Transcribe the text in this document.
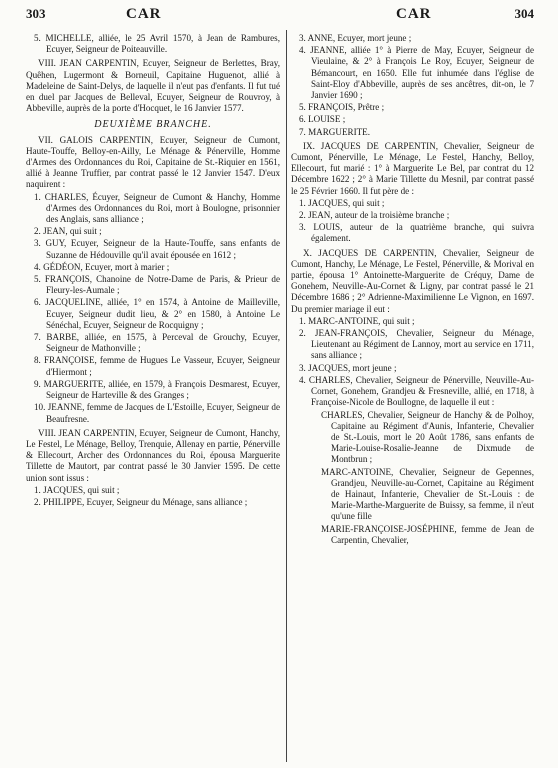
303	CAR	CAR	304

5. MICHELLE, alliée, le 25 Avril 1570, à Jean de Rambures, Ecuyer, Seigneur de Poiteauville.

VIII. JEAN CARPENTIN, Ecuyer, Seigneur de Berlettes, Bray, Quêhen, Lugermont & Borneuil, Capitaine Huguenot, allié à Madeleine de Saint-Delys, de laquelle il n'eut pas d'enfants. Il fut tué en duel par Jacques de Belleval, Ecuyer, Seigneur de Rouvroy, à Abbeville, auprès de la porte d'Hocquet, le 16 Janvier 1577.

DEUXIÈME BRANCHE.

VII. GALOIS CARPENTIN, Ecuyer, Seigneur de Cumont, Haute-Touffe, Belloy-en-Ailly, Le Ménage & Pénerville, Homme d'Armes des Ordonnances du Roi, Capitaine de St.-Riquier en 1561, allié à Jeanne Truffier, par contrat passé le 12 Janvier 1547. D'eux naquirent :

1. CHARLES, Écuyer, Seigneur de Cumont & Hanchy, Homme d'Armes des Ordonnances du Roi, mort à Boulogne, prisonnier des Anglais, sans alliance ;

2. JEAN, qui suit ;

3. GUY, Ecuyer, Seigneur de la Haute-Touffe, sans enfants de Suzanne de Hédouville qu'il avait épousée en 1612 ;

4. GÉDÉON, Ecuyer, mort à marier ;

5. FRANÇOIS, Chanoine de Notre-Dame de Paris, & Prieur de Fleury-les-Aumale ;

6. JACQUELINE, alliée, 1° en 1574, à Antoine de Mailleville, Ecuyer, Seigneur dudit lieu, & 2° en 1580, à Antoine Le Sénéchal, Ecuyer, Seigneur de Rocquigny ;

7. BARBE, alliée, en 1575, à Perceval de Grouchy, Ecuyer, Seigneur de Mathonville ;

8. FRANÇOISE, femme de Hugues Le Vasseur, Ecuyer, Seigneur d'Hiermont ;

9. MARGUERITE, alliée, en 1579, à François Desmarest, Ecuyer, Seigneur de Harteville & des Granges ;

10. JEANNE, femme de Jacques de L'Estoille, Ecuyer, Seigneur de Beaufresne.

VIII. JEAN CARPENTIN, Ecuyer, Seigneur de Cumont, Hanchy, Le Festel, Le Ménage, Belloy, Trenquie, Allenay en partie, Pénerville & Ellecourt, Archer des Ordonnances du Roi, épousa Marguerite Tillette de Mautort, par contrat passé le 30 Janvier 1595. De cette union sont issus :

1. JACQUES, qui suit ;

2. PHILIPPE, Ecuyer, Seigneur du Ménage, sans alliance ;

3. ANNE, Ecuyer, mort jeune ;

4. JEANNE, alliée 1° à Pierre de May, Ecuyer, Seigneur de Vieulaine, & 2° à François Le Roy, Ecuyer, Seigneur de Bémancourt, en 1650. Elle fut inhumée dans l'église de Saint-Eloy d'Abbeville, auprès de ses ancêtres, dit-on, le 7 Janvier 1690 ;

5. FRANÇOIS, Prêtre ;

6. LOUISE ;

7. MARGUERITE.

IX. JACQUES DE CARPENTIN, Chevalier, Seigneur de Cumont, Pénerville, Le Ménage, Le Festel, Hanchy, Belloy, Ellecourt, fut marié : 1° à Marguerite Le Bel, par contrat du 12 Décembre 1622 ; 2° à Marie Tillette du Mesnil, par contrat passé le 25 Février 1660. Il fut père de :

1. JACQUES, qui suit ;

2. JEAN, auteur de la troisième branche ;

3. LOUIS, auteur de la quatrième branche, qui suivra également.

X. JACQUES DE CARPENTIN, Chevalier, Seigneur de Cumont, Hanchy, Le Ménage, Le Festel, Pénerville, & Morival en partie, épousa 1° Antoinette-Marguerite de Créquy, Dame de Gonehem, Neuville-Au-Cornet & Ligny, par contrat passé le 21 Décembre 1686 ; 2° Adrienne-Maximilienne Le Vignon, en 1697. Du premier mariage il eut :

1. MARC-ANTOINE, qui suit ;

2. JEAN-FRANÇOIS, Chevalier, Seigneur du Ménage, Lieutenant au Régiment de Lannoy, mort au service en 1711, sans alliance ;

3. JACQUES, mort jeune ;

4. CHARLES, Chevalier, Seigneur de Pénerville, Neuville-Au-Cornet, Gonehem, Grandjeu & Fresneville, allié, en 1718, à Françoise-Nicole de Boullogne, de laquelle il eut :

CHARLES, Chevalier, Seigneur de Hanchy & de Polhoy, Capitaine au Régiment d'Aunis, Infanterie, Chevalier de St.-Louis, mort le 20 Août 1786, sans enfants de Marie-Louise-Rosalie-Jeanne de Dixmude de Montbrun ;

MARC-ANTOINE, Chevalier, Seigneur de Gepennes, Grandjeu, Neuville-au-Cornet, Capitaine au Régiment de Hainaut, Infanterie, Chevalier de St.-Louis : de Marie-Marthe-Marguerite de Buissy, sa femme, il n'eut qu'une fille

MARIE-FRANÇOISE-JOSÉPHINE, femme de Jean de Carpentin, Chevalier,
